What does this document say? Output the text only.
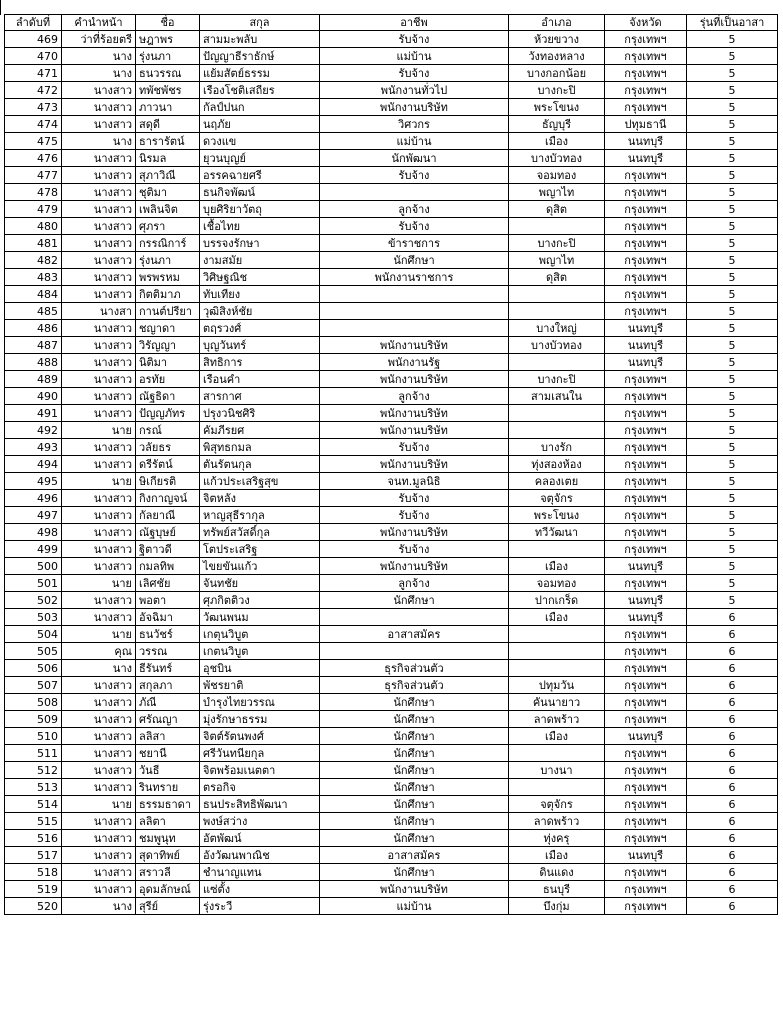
ลำดับที่	คำนำหน้า	ชื่อ	สกุล	อาชีพ	อำเภอ	จังหวัด	รุ่นที่เป็นอาสา
469	ว่าที่ร้อยตรี	ษฎาพร	สามมะพลับ	รับจ้าง	ห้วยขวาง	กรุงเทพฯ	5
470	นาง	รุ่งนภา	ปัญญาธีราธักษ์	แม่บ้าน	วังทองหลาง	กรุงเทพฯ	5
471	นาง	ธนวรรณ	แย้มสัตย์ธรรม	รับจ้าง	บางกอกน้อย	กรุงเทพฯ	5
472	นางสาว	ทพัชพัชร	เรืองโชติเสถียร	พนักงานทั่วไป	บางกะปิ	กรุงเทพฯ	5
473	นางสาว	ภาวนา	กัลป์ปนก	พนักงานบริษัท	พระโขนง	กรุงเทพฯ	5
474	นางสาว	สดุดี	นฤภัย	วิศวกร	ธัญบุรี	ปทุมธานี	5
475	นาง	ธารารัตน์	ดวงแข	แม่บ้าน	เมือง	นนทบุรี	5
476	นางสาว	นิรมล	ยุวนบุญย์	นักพัฒนา	บางบัวทอง	นนทบุรี	5
477	นางสาว	สุภาวิณี	อรรคฉายศรี	รับจ้าง	จอมทอง	กรุงเทพฯ	5
478	นางสาว	ชุติมา	ธนกิจพัฒน์		พญาไท	กรุงเทพฯ	5
479	นางสาว	เพลินจิต	บุยศิริยาวัตถุ	ลูกจ้าง	ดุสิต	กรุงเทพฯ	5
480	นางสาว	ศุภรา	เชื้อไทย	รับจ้าง		กรุงเทพฯ	5
481	นางสาว	กรรณิการ์	บรรจงรักษา	ข้าราชการ	บางกะปิ	กรุงเทพฯ	5
482	นางสาว	รุ่งนภา	งามสมัย	นักศึกษา	พญาไท	กรุงเทพฯ	5
483	นางสาว	พรพรหม	วิศิษฐณิช	พนักงานราชการ	ดุสิต	กรุงเทพฯ	5
484	นางสาว	กิตติมาภ	ทับเทียง			กรุงเทพฯ	5
485	นางสา	กานต์ปรียา	วุฒิสิงห์ชัย			กรุงเทพฯ	5
486	นางสาว	ชญาดา	ตฤรวงศ์		บางใหญ่	นนทบุรี	5
487	นางสาว	วิรัญญา	บุญวันทร์	พนักงานบริษัท	บางบัวทอง	นนทบุรี	5
488	นางสาว	นิติมา	สิทธิการ	พนักงานรัฐ		นนทบุรี	5
489	นางสาว	อรทัย	เรือนคำ	พนักงานบริษัท	บางกะปิ	กรุงเทพฯ	5
490	นางสาว	ณัฐธิดา	สารกาศ	ลูกจ้าง	สามเสนใน	กรุงเทพฯ	5
491	นางสาว	ปัญญภัทร	ปรุงวนิชศิริ	พนักงานบริษัท		กรุงเทพฯ	5
492	นาย	กรณ์	คัมภีรยศ	พนักงานบริษัท		กรุงเทพฯ	5
493	นางสาว	วลัยธร	พิสุทธกมล	รับจ้าง	บางรัก	กรุงเทพฯ	5
494	นางสาว	ดรีรัตน์	ตันรัตนกุล	พนักงานบริษัท	ทุ่งสองห้อง	กรุงเทพฯ	5
495	นาย	ษิเกียรติ	แก้วประเสริฐสุข	จนท.มูลนิธิ	คลองเตย	กรุงเทพฯ	5
496	นางสาว	กิงกาญจน์	จิตหลัง	รับจ้าง	จตุจักร	กรุงเทพฯ	5
497	นางสาว	กัลยาณี	หาญสุธีรากุล	รับจ้าง	พระโขนง	กรุงเทพฯ	5
498	นางสาว	ณัฐบุษย์	ทรัพย์สวัสดิ์กุล	พนักงานบริษัท	ทวีวัฒนา	กรุงเทพฯ	5
499	นางสาว	ฐิตาวดี	โตประเสริฐ	รับจ้าง		กรุงเทพฯ	5
500	นางสาว	กมลทิพ	ไขยขันแก้ว	พนักงานบริษัท	เมือง	นนทบุรี	5
501	นาย	เลิศชัย	จันทชัย	ลูกจ้าง	จอมทอง	กรุงเทพฯ	5
502	นางสาว	พอตา	ศุภกิตติวง	นักศึกษา	ปากเกร็ด	นนทบุรี	5
503	นางสาว	อัจฉิมา	วัฒนพนม		เมือง	นนทบุรี	6
504	นาย	ธนวัชร์	เกตุนวิบูต	อาสาสมัคร		กรุงเทพฯ	6
505	คุณ	วรรณ	เกตนวิบูต			กรุงเทพฯ	6
506	นาง	ธีรันทร์	อุชบิน	ธุรกิจส่วนตัว		กรุงเทพฯ	6
507	นางสาว	สกุลภา	พัชรยาติ	ธุรกิจส่วนตัว	ปทุมวัน	กรุงเทพฯ	6
508	นางสาว	ภัณี	บำรุงไทยวรรณ	นักศึกษา	คันนายาว	กรุงเทพฯ	6
509	นางสาว	ศรัณญา	มุ่งรักษาธรรม	นักศึกษา	ลาดพร้าว	กรุงเทพฯ	6
510	นางสาว	ลลิสา	จิตต์รัตนพงศ์	นักศึกษา	เมือง	นนทบุรี	6
511	นางสาว	ชยานี	ศรีวันทนียกุล	นักศึกษา		กรุงเทพฯ	6
512	นางสาว	วันธี	จิตพร้อมเนตตา	นักศึกษา	บางนา	กรุงเทพฯ	6
513	นางสาว	รินทราย	ตรอกิจ	นักศึกษา		กรุงเทพฯ	6
514	นาย	ธรรมธาดา	ธนประสิทธิพัฒนา	นักศึกษา	จตุจักร	กรุงเทพฯ	6
515	นางสาว	ลลิตา	พงษ์สว่าง	นักศึกษา	ลาดพร้าว	กรุงเทพฯ	6
516	นางสาว	ชมพูนุท	อัตพัฒน์	นักศึกษา	ทุ่งครุ	กรุงเทพฯ	6
517	นางสาว	สุดาทิพย์	อังวัฒนพาณิช	อาสาสมัคร	เมือง	นนทบุรี	6
518	นางสาว	สราวลี	ชำนาญแทน	นักศึกษา	ดินแดง	กรุงเทพฯ	6
519	นางสาว	อุดมลักษณ์	แซ่ตั้ง	พนักงานบริษัท	ธนบุรี	กรุงเทพฯ	6
520	นาง	สุรีย์	รุ่งระวี	แม่บ้าน	บึงกุ่ม	กรุงเทพฯ	6
